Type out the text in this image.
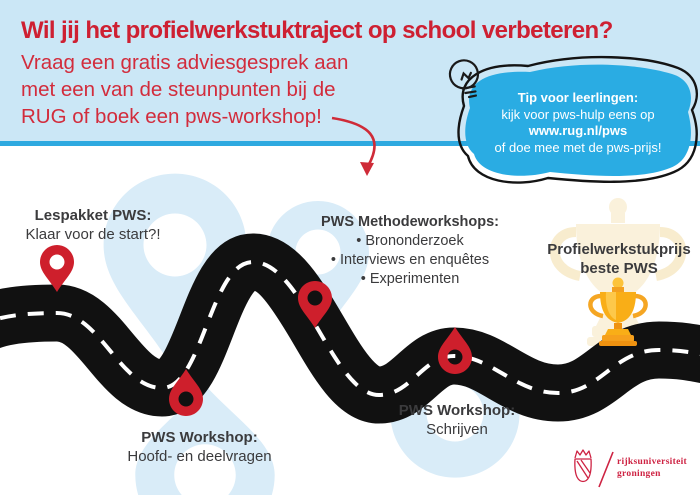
Wil jij het profielwerkstuktraject op school verbeteren?
Vraag een gratis adviesgesprek aan
met een van de steunpunten bij de
RUG of boek een pws-workshop!
Tip voor leerlingen:
kijk voor pws-hulp eens op
www.rug.nl/pws
of doe mee met de pws-prijs!
Lespakket PWS:
Klaar voor de start?!
PWS Methodeworkshops:
• Brononderzoek
• Interviews en enquêtes
• Experimenten
PWS Workshop:
Hoofd- en deelvragen
PWS Workshop:
Schrijven
Profielwerkstukprijs
beste PWS
rijksuniversiteit
groningen
